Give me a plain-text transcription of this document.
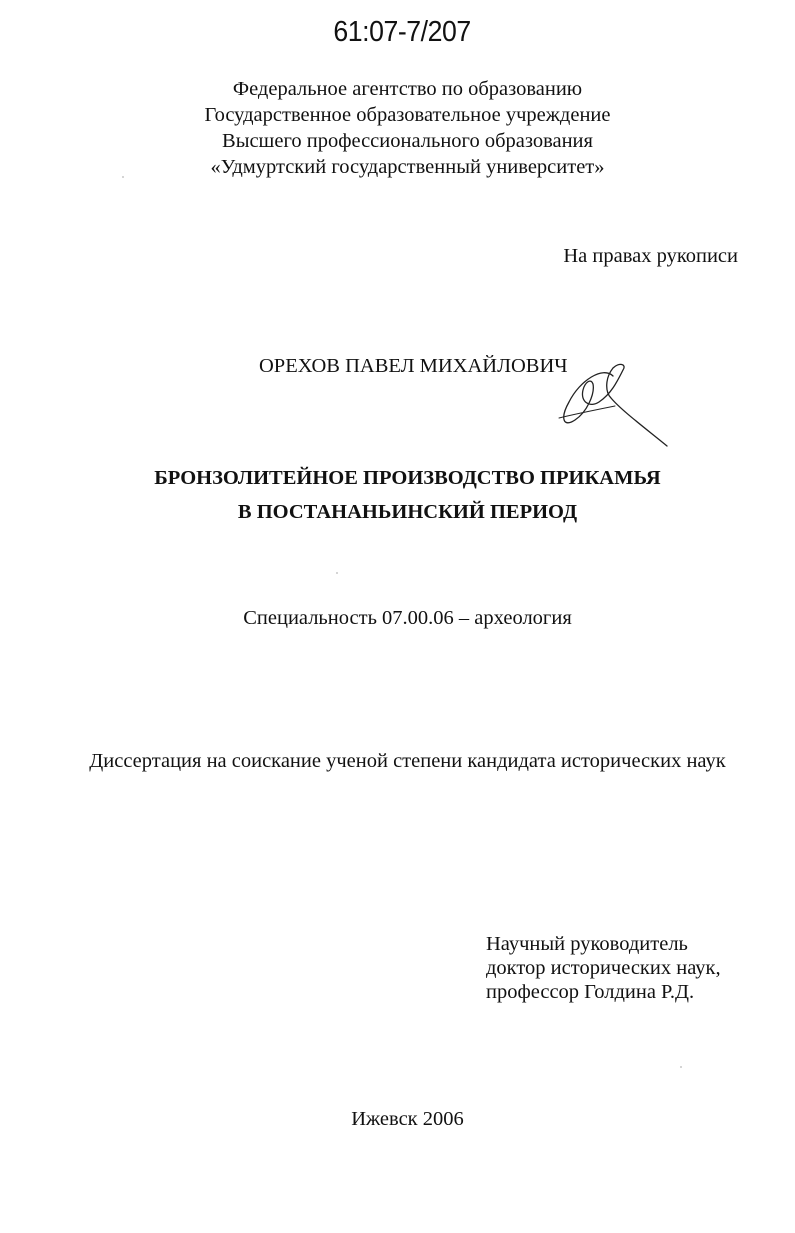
61:07-7/207
Федеральное агентство по образованию
Государственное образовательное учреждение
Высшего профессионального образования
«Удмуртский государственный университет»
На правах рукописи
ОРЕХОВ ПАВЕЛ МИХАЙЛОВИЧ
БРОНЗОЛИТЕЙНОЕ ПРОИЗВОДСТВО ПРИКАМЬЯ
В ПОСТАНАНЬИНСКИЙ ПЕРИОД
Специальность 07.00.06 – археология
Диссертация на соискание ученой степени кандидата исторических наук
Научный руководитель
доктор исторических наук,
профессор Голдина Р.Д.
Ижевск 2006
